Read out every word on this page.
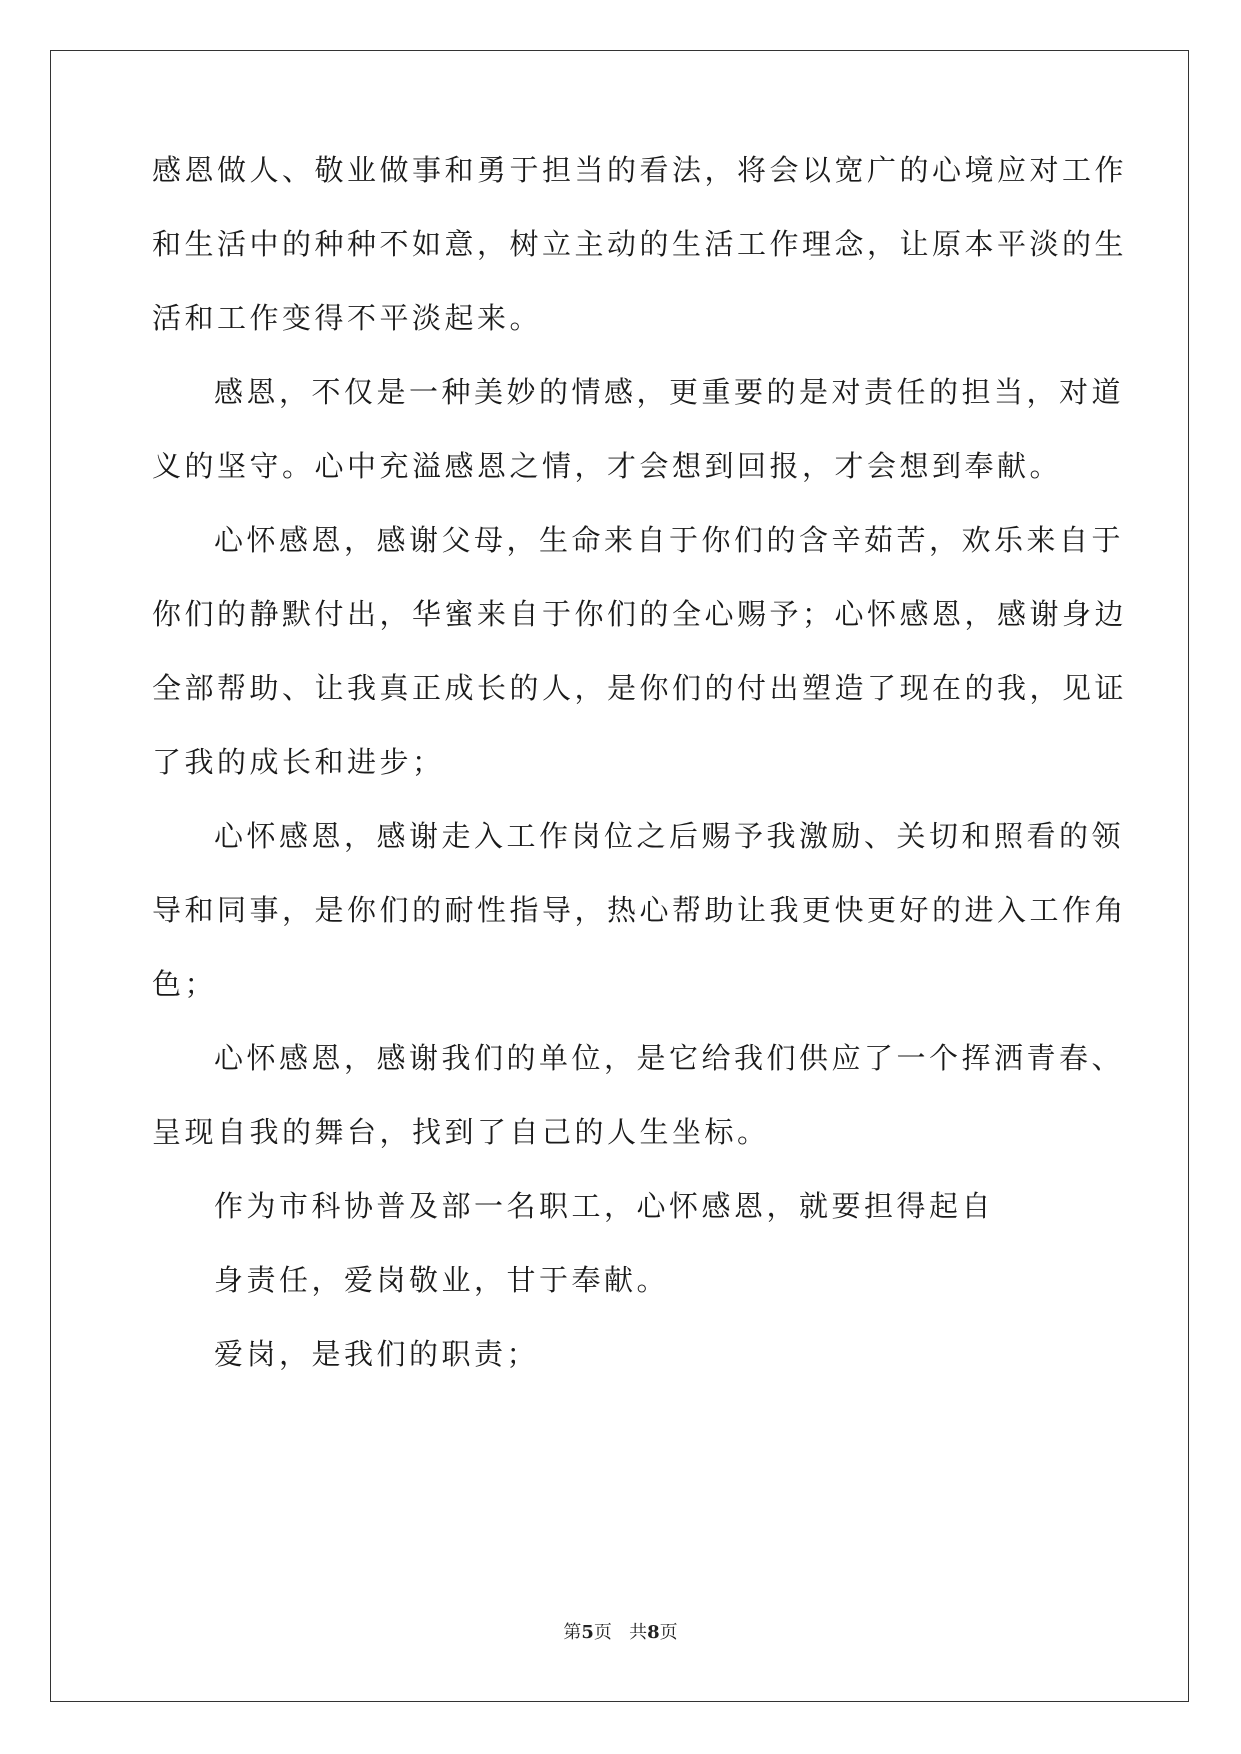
感恩做人、敬业做事和勇于担当的看法，将会以宽广的心境应对工作
和生活中的种种不如意，树立主动的生活工作理念，让原本平淡的生
活和工作变得不平淡起来。
感恩，不仅是一种美妙的情感，更重要的是对责任的担当，对道
义的坚守。心中充溢感恩之情，才会想到回报，才会想到奉献。
心怀感恩，感谢父母，生命来自于你们的含辛茹苦，欢乐来自于
你们的静默付出，华蜜来自于你们的全心赐予；心怀感恩，感谢身边
全部帮助、让我真正成长的人，是你们的付出塑造了现在的我，见证
了我的成长和进步；
心怀感恩，感谢走入工作岗位之后赐予我激励、关切和照看的领
导和同事，是你们的耐性指导，热心帮助让我更快更好的进入工作角
色；
心怀感恩，感谢我们的单位，是它给我们供应了一个挥洒青春、
呈现自我的舞台，找到了自己的人生坐标。
作为市科协普及部一名职工，心怀感恩，就要担得起自
身责任，爱岗敬业，甘于奉献。
爱岗，是我们的职责；
第5页 共8页
